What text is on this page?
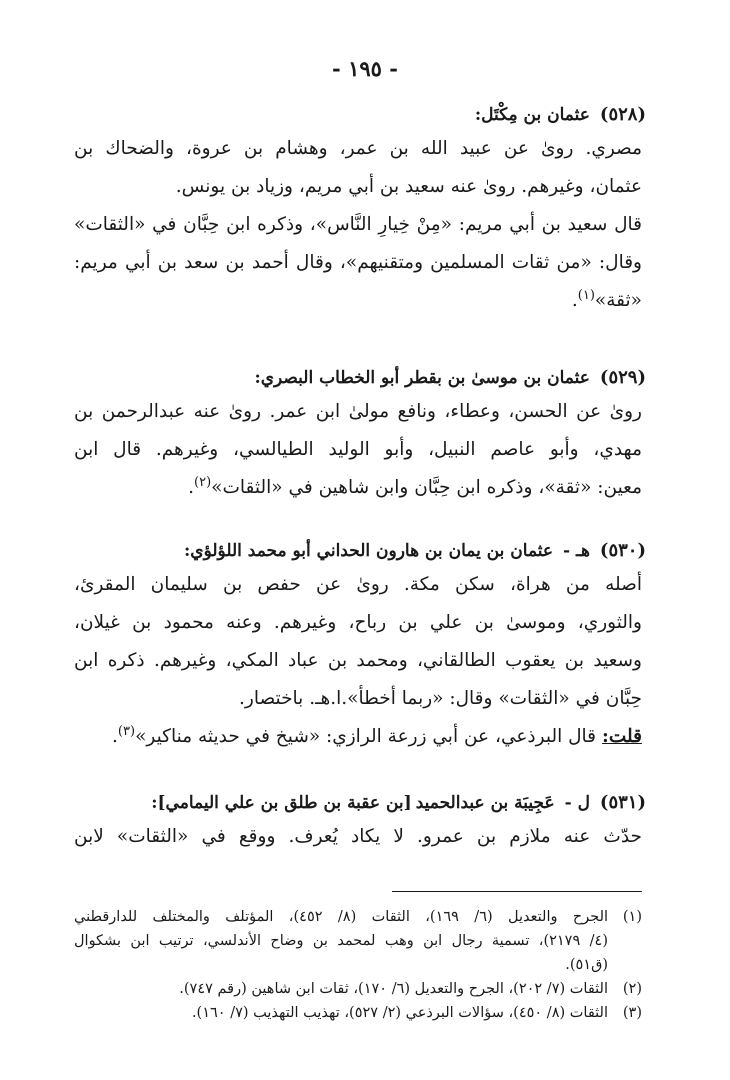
- ١٩٥ -
(٥٢٨)عثمان بن مِكْتَل:
مصري. روىٰ عن عبيد الله بن عمر، وهشام بن عروة، والضحاك بن
عثمان، وغيرهم. روىٰ عنه سعيد بن أبي مريم، وزياد بن يونس.
قال سعيد بن أبي مريم: «مِنْ خِيارِ النَّاس»، وذكره ابن حِبَّان في «الثقات»
وقال: «من ثقات المسلمين ومتقنيهم»، وقال أحمد بن سعد بن أبي مريم:
«ثقة»$^{(١)}$.
(٥٢٩)عثمان بن موسىٰ بن بقطر أبو الخطاب البصري:
روىٰ عن الحسن، وعطاء، ونافع مولىٰ ابن عمر. روىٰ عنه عبدالرحمن بن
مهدي، وأبو عاصم النبيل، وأبو الوليد الطيالسي، وغيرهم. قال ابن
معين: «ثقة»، وذكره ابن حِبَّان وابن شاهين في «الثقات»$^{(٢)}$.
(٥٣٠)هـ - عثمان بن يمان بن هارون الحداني أبو محمد اللؤلؤي:
أصله من هراة، سكن مكة. روىٰ عن حفص بن سليمان المقرئ،
والثوري، وموسىٰ بن علي بن رباح، وغيرهم. وعنه محمود بن غيلان،
وسعيد بن يعقوب الطالقاني، ومحمد بن عباد المكي، وغيرهم. ذكره ابن
حِبَّان في «الثقات» وقال: «ربما أخطأ».ا.هـ. باختصار.
قلت:قال البرذعي، عن أبي زرعة الرازي: «شيخ في حديثه مناكير»$^{(٣)}$.
(٥٣١)ل - عَجِيبَة بن عبدالحميد[بن عقبة بن طلق بن علي اليمامي]:
حدّث عنه ملازم بن عمرو. لا يكاد يُعرف. ووقع في «الثقات» لابن
(١)
الجرح والتعديل (٦/ ١٦٩)، الثقات (٨/ ٤٥٢)، المؤتلف والمختلف للدارقطني
(٤/ ٢١٧٩)، تسمية رجال ابن وهب لمحمد بن وضاح الأندلسي، ترتيب ابن بشكوال
(ق٥١).
(٢)
الثقات (٧/ ٢٠٢)، الجرح والتعديل (٦/ ١٧٠)، ثقات ابن شاهين (رقم ٧٤٧).
(٣)
الثقات (٨/ ٤٥٠)، سؤالات البرذعي (٢/ ٥٢٧)، تهذيب التهذيب (٧/ ١٦٠).
